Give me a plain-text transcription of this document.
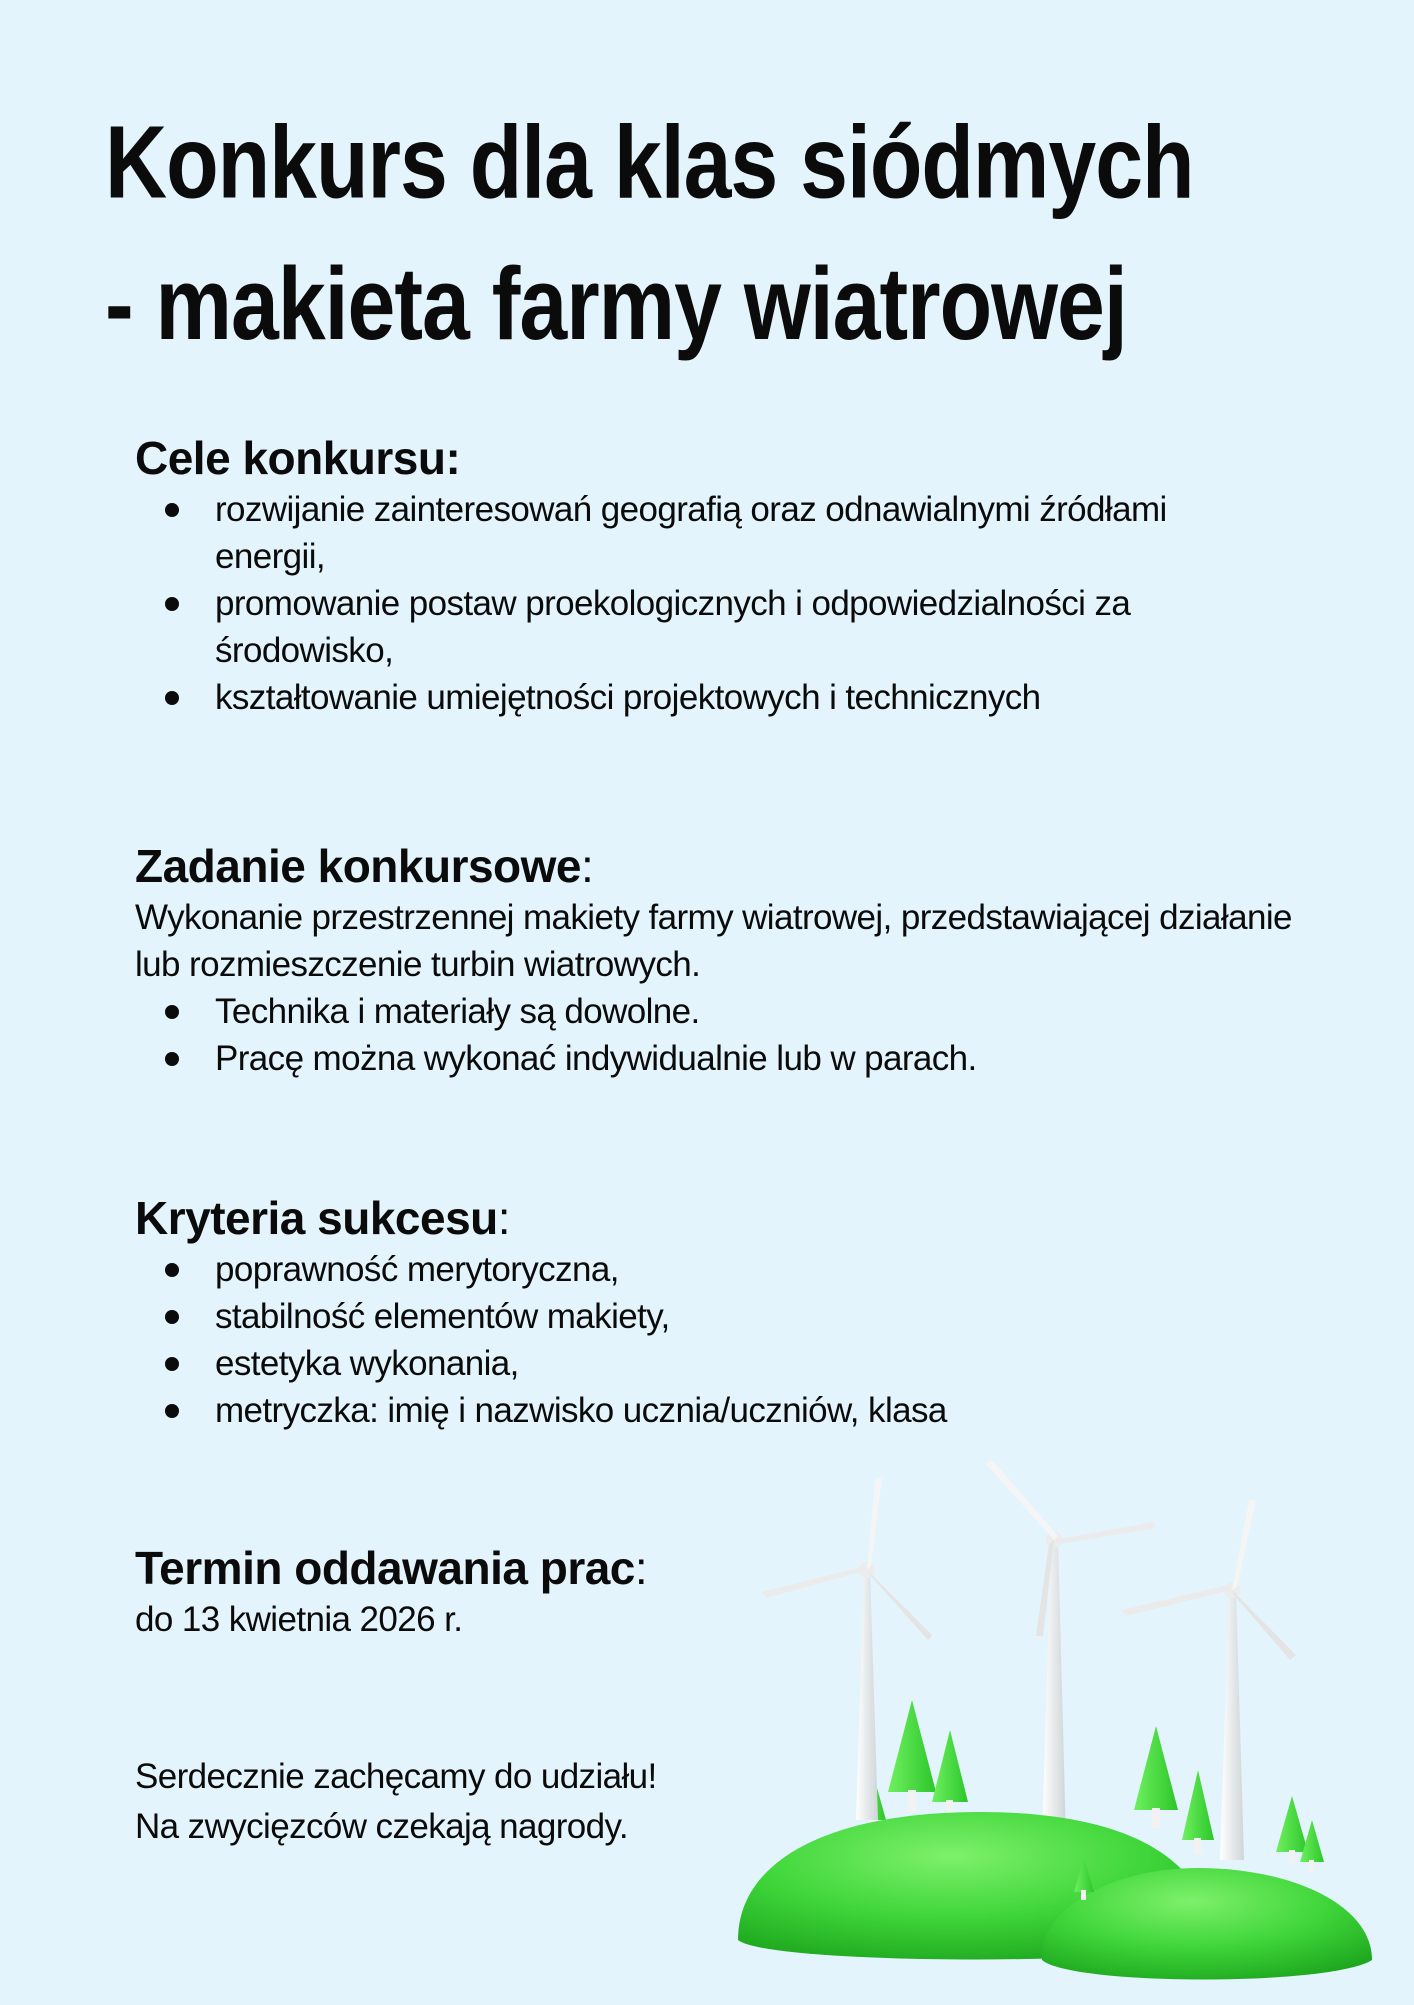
Konkurs dla klas siódmych
- makieta farmy wiatrowej
Cele konkursu:
rozwijanie zainteresowań geografią oraz odnawialnymi źródłami energii,
promowanie postaw proekologicznych i odpowiedzialności za środowisko,
kształtowanie umiejętności projektowych i technicznych
Zadanie konkursowe:

Wykonanie przestrzennej makiety farmy wiatrowej, przedstawiającej działanie lub rozmieszczenie turbin wiatrowych.

Technika i materiały są dowolne.
Pracę można wykonać indywidualnie lub w parach.
Kryteria sukcesu:
poprawność merytoryczna,
stabilność elementów makiety,
estetyka wykonania,
metryczka: imię i nazwisko ucznia/uczniów, klasa
Termin oddawania prac:

do 13 kwietnia 2026 r.

Serdecznie zachęcamy do udziału!

Na zwycięzców czekają nagrody.
